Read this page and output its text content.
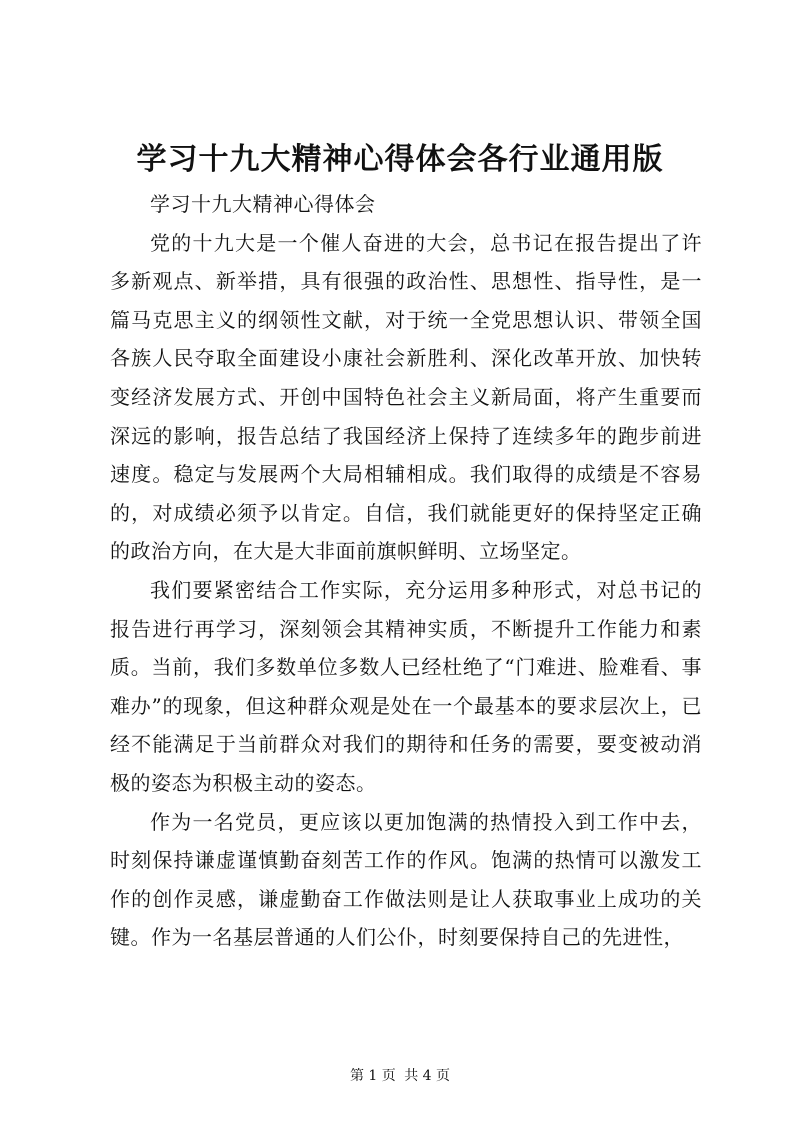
学习十九大精神心得体会各行业通用版

学习十九大精神心得体会

党的十九大是一个催人奋进的大会，总书记在报告提出了许多新观点、新举措，具有很强的政治性、思想性、指导性，是一篇马克思主义的纲领性文献，对于统一全党思想认识、带领全国各族人民夺取全面建设小康社会新胜利、深化改革开放、加快转变经济发展方式、开创中国特色社会主义新局面，将产生重要而深远的影响，报告总结了我国经济上保持了连续多年的跑步前进速度。稳定与发展两个大局相辅相成。我们取得的成绩是不容易的，对成绩必须予以肯定。自信，我们就能更好的保持坚定正确的政治方向，在大是大非面前旗帜鲜明、立场坚定。

我们要紧密结合工作实际，充分运用多种形式，对总书记的报告进行再学习，深刻领会其精神实质，不断提升工作能力和素质。当前，我们多数单位多数人已经杜绝了“门难进、脸难看、事难办”的现象，但这种群众观是处在一个最基本的要求层次上，已经不能满足于当前群众对我们的期待和任务的需要，要变被动消极的姿态为积极主动的姿态。

作为一名党员，更应该以更加饱满的热情投入到工作中去，时刻保持谦虚谨慎勤奋刻苦工作的作风。饱满的热情可以激发工作的创作灵感，谦虚勤奋工作做法则是让人获取事业上成功的关键。作为一名基层普通的人们公仆，时刻要保持自己的先进性，

第 1 页 共 4 页
